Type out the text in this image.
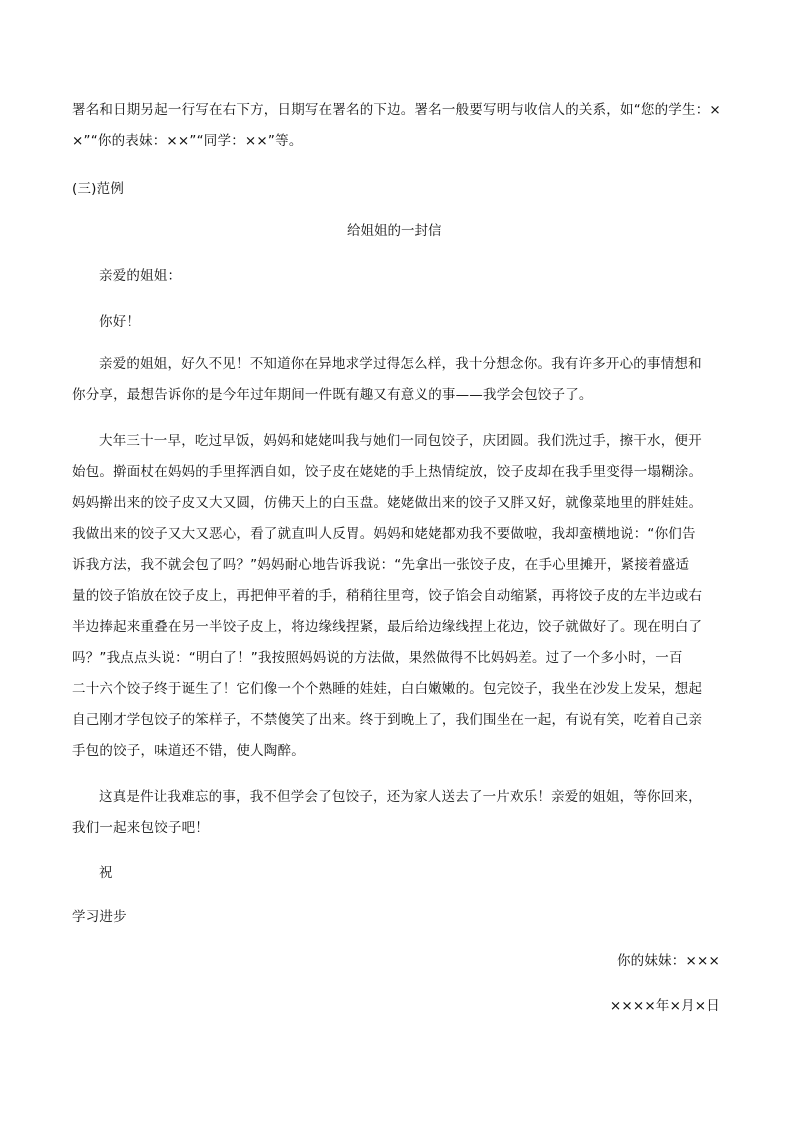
署名和日期另起一行写在右下方，日期写在署名的下边。署名一般要写明与收信人的关系，如“您的学生：×
×”“你的表妹：××”“同学：××”等。
(三)范例
给姐姐的一封信
亲爱的姐姐：
你好！
亲爱的姐姐，好久不见！不知道你在异地求学过得怎么样，我十分想念你。我有许多开心的事情想和
你分享，最想告诉你的是今年过年期间一件既有趣又有意义的事——我学会包饺子了。
大年三十一早，吃过早饭，妈妈和姥姥叫我与她们一同包饺子，庆团圆。我们洗过手，擦干水，便开
始包。擀面杖在妈妈的手里挥洒自如，饺子皮在姥姥的手上热情绽放，饺子皮却在我手里变得一塌糊涂。
妈妈擀出来的饺子皮又大又圆，仿佛天上的白玉盘。姥姥做出来的饺子又胖又好，就像菜地里的胖娃娃。
我做出来的饺子又大又恶心，看了就直叫人反胃。妈妈和姥姥都劝我不要做啦，我却蛮横地说：“你们告
诉我方法，我不就会包了吗？”妈妈耐心地告诉我说：“先拿出一张饺子皮，在手心里摊开，紧接着盛适
量的饺子馅放在饺子皮上，再把伸平着的手，稍稍往里弯，饺子馅会自动缩紧，再将饺子皮的左半边或右
半边捧起来重叠在另一半饺子皮上，将边缘线捏紧，最后给边缘线捏上花边，饺子就做好了。现在明白了
吗？”我点点头说：“明白了！”我按照妈妈说的方法做，果然做得不比妈妈差。过了一个多小时，一百
二十六个饺子终于诞生了！它们像一个个熟睡的娃娃，白白嫩嫩的。包完饺子，我坐在沙发上发呆，想起
自己刚才学包饺子的笨样子，不禁傻笑了出来。终于到晚上了，我们围坐在一起，有说有笑，吃着自己亲
手包的饺子，味道还不错，使人陶醉。
这真是件让我难忘的事，我不但学会了包饺子，还为家人送去了一片欢乐！亲爱的姐姐，等你回来，
我们一起来包饺子吧！
祝
学习进步
你的妹妹：×××
××××年×月×日
